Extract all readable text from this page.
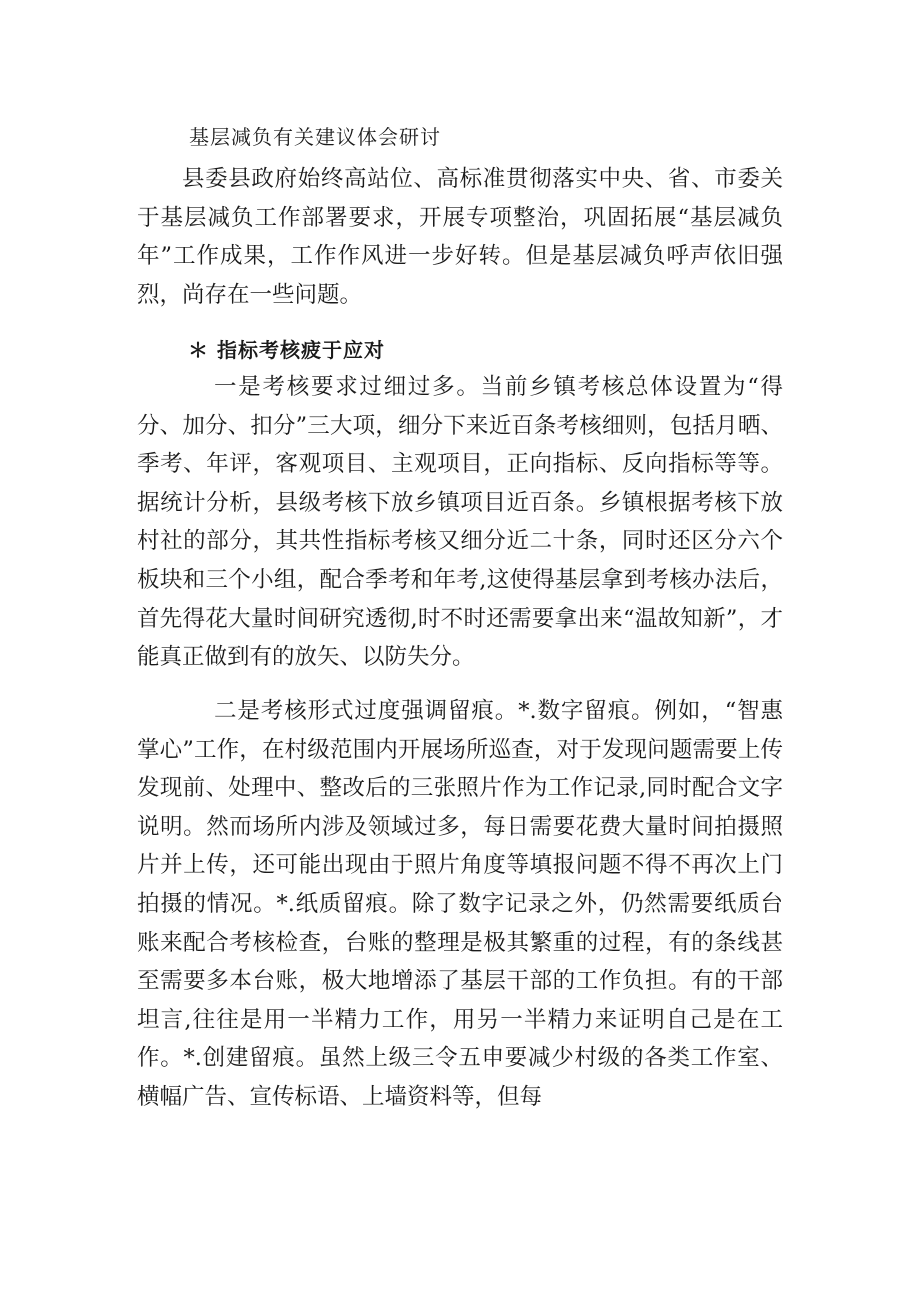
基层减负有关建议体会研讨

县委县政府始终高站位、高标准贯彻落实中央、省、市委关于基层减负工作部署要求，开展专项整治，巩固拓展“基层减负年”工作成果，工作作风进一步好转。但是基层减负呼声依旧强烈，尚存在一些问题。

＊ 指标考核疲于应对

一是考核要求过细过多。当前乡镇考核总体设置为“得分、加分、扣分”三大项，细分下来近百条考核细则，包括月晒、季考、年评，客观项目、主观项目，正向指标、反向指标等等。据统计分析，县级考核下放乡镇项目近百条。乡镇根据考核下放村社的部分，其共性指标考核又细分近二十条，同时还区分六个板块和三个小组，配合季考和年考,这使得基层拿到考核办法后，首先得花大量时间研究透彻,时不时还需要拿出来“温故知新”，才能真正做到有的放矢、以防失分。

二是考核形式过度强调留痕。*.数字留痕。例如，“智惠掌心”工作，在村级范围内开展场所巡查，对于发现问题需要上传发现前、处理中、整改后的三张照片作为工作记录,同时配合文字说明。然而场所内涉及领域过多，每日需要花费大量时间拍摄照片并上传，还可能出现由于照片角度等填报问题不得不再次上门拍摄的情况。*.纸质留痕。除了数字记录之外，仍然需要纸质台账来配合考核检查，台账的整理是极其繁重的过程，有的条线甚至需要多本台账，极大地增添了基层干部的工作负担。有的干部坦言,往往是用一半精力工作，用另一半精力来证明自己是在工作。*.创建留痕。虽然上级三令五申要减少村级的各类工作室、横幅广告、宣传标语、上墙资料等，但每
